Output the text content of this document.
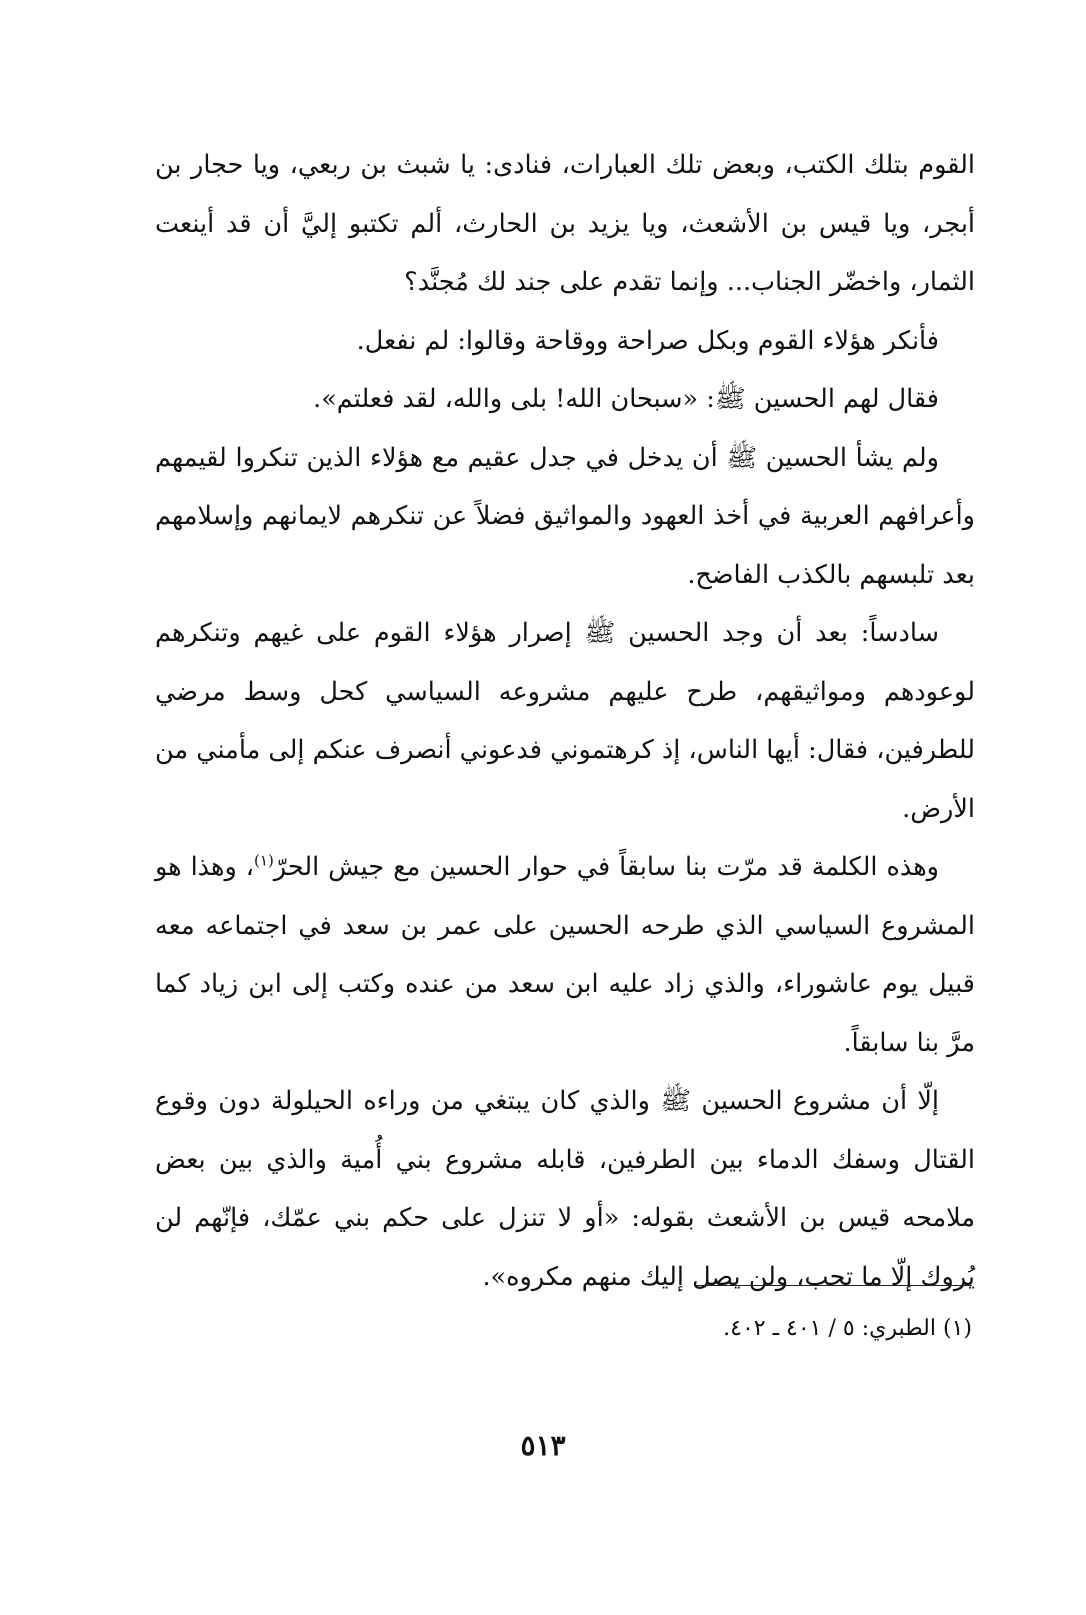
القوم بتلك الكتب، وبعض تلك العبارات، فنادى: يا شبث بن ربعي، ويا حجار بن أبجر، ويا قيس بن الأشعث، ويا يزيد بن الحارث، ألم تكتبو إليَّ أن قد أينعت الثمار، واخضّر الجناب... وإنما تقدم على جند لك مُجنَّد؟

فأنكر هؤلاء القوم وبكل صراحة ووقاحة وقالوا: لم نفعل.

فقال لهم الحسين ﷺ: «سبحان الله! بلى والله، لقد فعلتم».

ولم يشأ الحسين ﷺ أن يدخل في جدل عقيم مع هؤلاء الذين تنكروا لقيمهم وأعرافهم العربية في أخذ العهود والمواثيق فضلاً عن تنكرهم لايمانهم وإسلامهم بعد تلبسهم بالكذب الفاضح.

سادساً: بعد أن وجد الحسين ﷺ إصرار هؤلاء القوم على غيهم وتنكرهم لوعودهم ومواثيقهم، طرح عليهم مشروعه السياسي كحل وسط مرضي للطرفين، فقال: أيها الناس، إذ كرهتموني فدعوني أنصرف عنكم إلى مأمني من الأرض.

وهذه الكلمة قد مرّت بنا سابقاً في حوار الحسين مع جيش الحرّ$^{(١)}$، وهذا هو المشروع السياسي الذي طرحه الحسين على عمر بن سعد في اجتماعه معه قبيل يوم عاشوراء، والذي زاد عليه ابن سعد من عنده وكتب إلى ابن زياد كما مرَّ بنا سابقاً.

إلّا أن مشروع الحسين ﷺ والذي كان يبتغي من وراءه الحيلولة دون وقوع القتال وسفك الدماء بين الطرفين، قابله مشروع بني أُمية والذي بين بعض ملامحه قيس بن الأشعث بقوله: «أو لا تنزل على حكم بني عمّك، فإنّهم لن يُروك إلّا ما تحب، ولن يصل إليك منهم مكروه».

(١) الطبري: ٥ / ٤٠١ ـ ٤٠٢.
٥١٣
